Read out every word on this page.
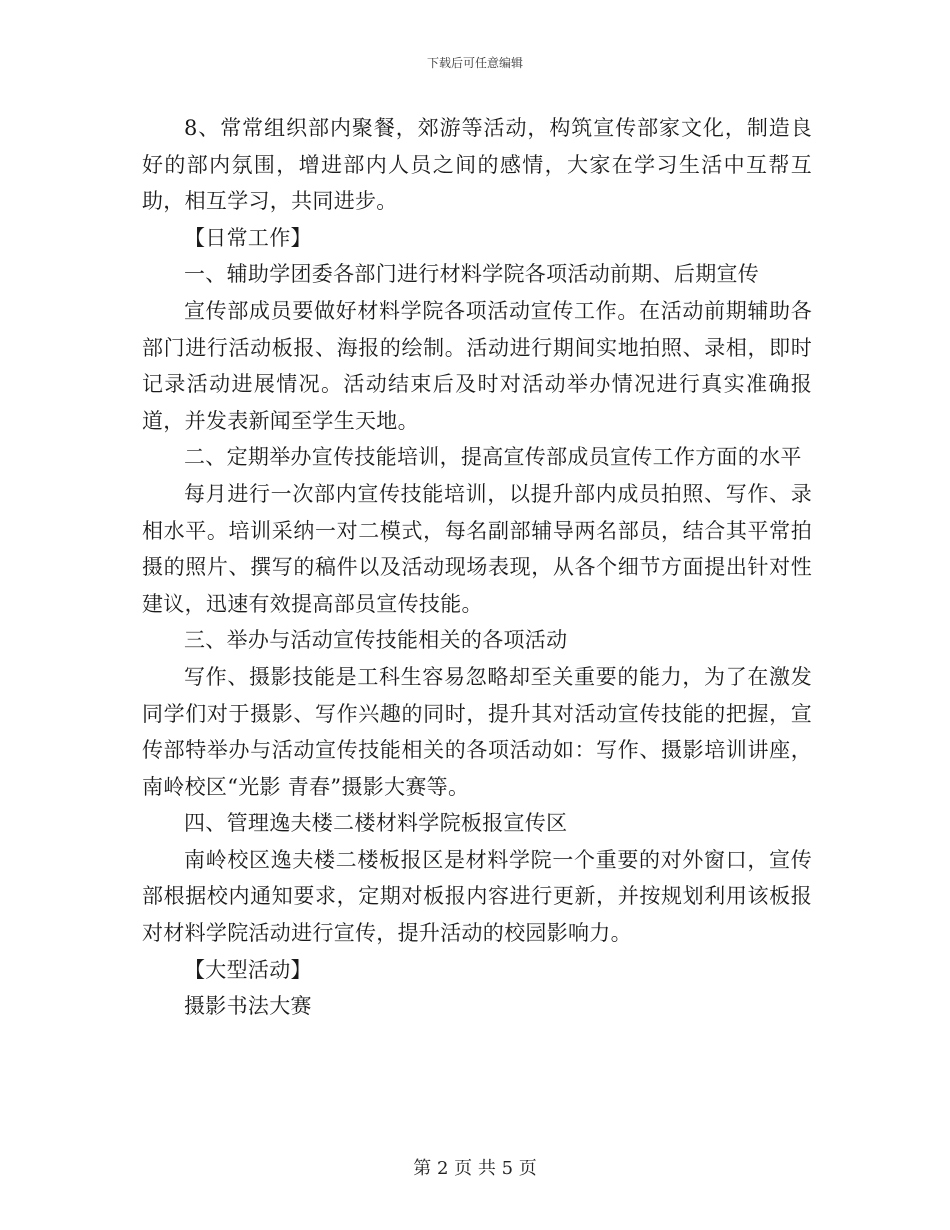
下载后可任意编辑

8、常常组织部内聚餐，郊游等活动，构筑宣传部家文化，制造良好的部内氛围，增进部内人员之间的感情，大家在学习生活中互帮互助，相互学习，共同进步。

【日常工作】

一、辅助学团委各部门进行材料学院各项活动前期、后期宣传

宣传部成员要做好材料学院各项活动宣传工作。在活动前期辅助各部门进行活动板报、海报的绘制。活动进行期间实地拍照、录相，即时记录活动进展情况。活动结束后及时对活动举办情况进行真实准确报道，并发表新闻至学生天地。

二、定期举办宣传技能培训，提高宣传部成员宣传工作方面的水平

每月进行一次部内宣传技能培训，以提升部内成员拍照、写作、录相水平。培训采纳一对二模式，每名副部辅导两名部员，结合其平常拍摄的照片、撰写的稿件以及活动现场表现，从各个细节方面提出针对性建议，迅速有效提高部员宣传技能。

三、举办与活动宣传技能相关的各项活动

写作、摄影技能是工科生容易忽略却至关重要的能力，为了在激发同学们对于摄影、写作兴趣的同时，提升其对活动宣传技能的把握，宣传部特举办与活动宣传技能相关的各项活动如：写作、摄影培训讲座，南岭校区“光影 青春”摄影大赛等。

四、管理逸夫楼二楼材料学院板报宣传区

南岭校区逸夫楼二楼板报区是材料学院一个重要的对外窗口，宣传部根据校内通知要求，定期对板报内容进行更新，并按规划利用该板报对材料学院活动进行宣传，提升活动的校园影响力。

【大型活动】

摄影书法大赛

第 2 页 共 5 页
